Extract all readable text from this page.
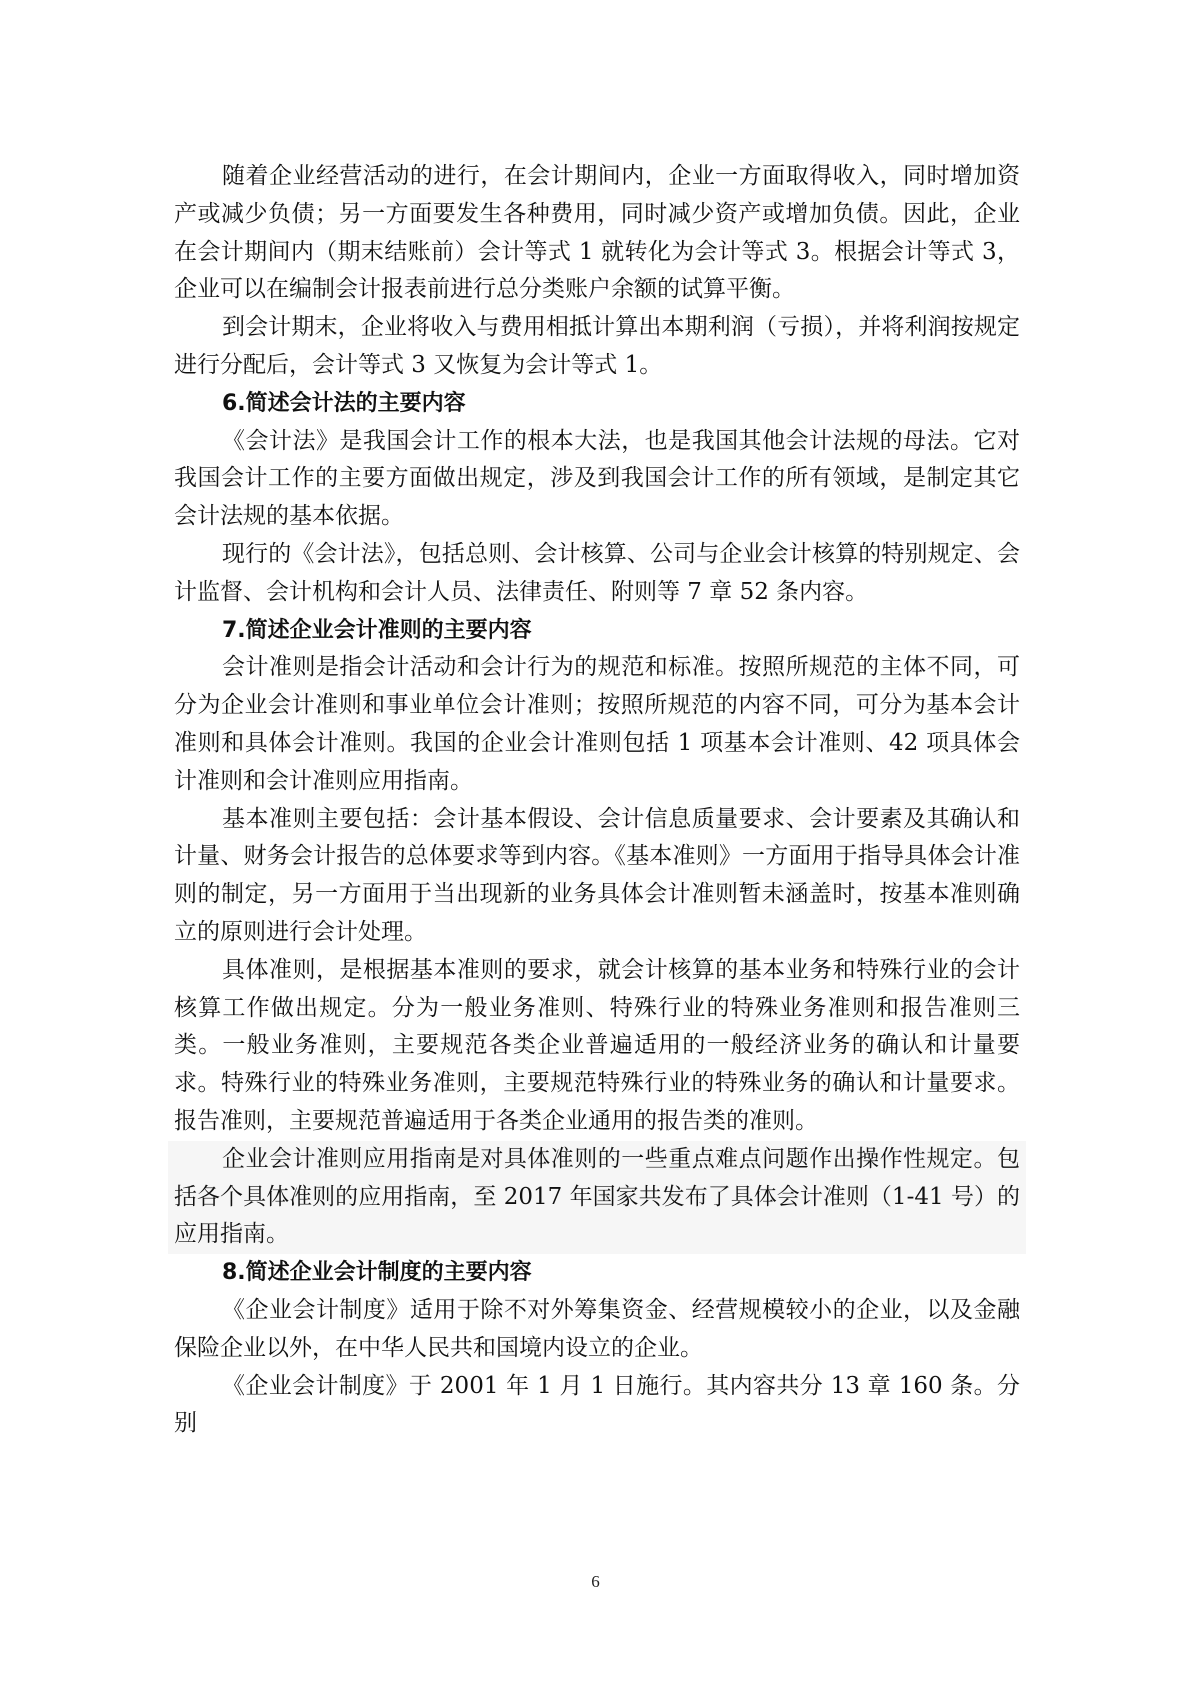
随着企业经营活动的进行，在会计期间内，企业一方面取得收入，同时增加资产或减少负债；另一方面要发生各种费用，同时减少资产或增加负债。因此，企业在会计期间内（期末结账前）会计等式 1 就转化为会计等式 3。根据会计等式 3，企业可以在编制会计报表前进行总分类账户余额的试算平衡。

到会计期末，企业将收入与费用相抵计算出本期利润（亏损），并将利润按规定进行分配后，会计等式 3 又恢复为会计等式 1。

6.简述会计法的主要内容

《会计法》是我国会计工作的根本大法，也是我国其他会计法规的母法。它对我国会计工作的主要方面做出规定，涉及到我国会计工作的所有领域，是制定其它会计法规的基本依据。

现行的《会计法》，包括总则、会计核算、公司与企业会计核算的特别规定、会计监督、会计机构和会计人员、法律责任、附则等 7 章 52 条内容。

7.简述企业会计准则的主要内容

会计准则是指会计活动和会计行为的规范和标准。按照所规范的主体不同，可分为企业会计准则和事业单位会计准则；按照所规范的内容不同，可分为基本会计准则和具体会计准则。我国的企业会计准则包括 1 项基本会计准则、42 项具体会计准则和会计准则应用指南。

基本准则主要包括：会计基本假设、会计信息质量要求、会计要素及其确认和计量、财务会计报告的总体要求等到内容。《基本准则》一方面用于指导具体会计准则的制定，另一方面用于当出现新的业务具体会计准则暂未涵盖时，按基本准则确立的原则进行会计处理。

具体准则，是根据基本准则的要求，就会计核算的基本业务和特殊行业的会计核算工作做出规定。分为一般业务准则、特殊行业的特殊业务准则和报告准则三类。一般业务准则，主要规范各类企业普遍适用的一般经济业务的确认和计量要求。特殊行业的特殊业务准则，主要规范特殊行业的特殊业务的确认和计量要求。报告准则，主要规范普遍适用于各类企业通用的报告类的准则。

企业会计准则应用指南是对具体准则的一些重点难点问题作出操作性规定。包括各个具体准则的应用指南，至 2017 年国家共发布了具体会计准则（1-41 号）的应用指南。

8.简述企业会计制度的主要内容

《企业会计制度》适用于除不对外筹集资金、经营规模较小的企业，以及金融保险企业以外，在中华人民共和国境内设立的企业。

《企业会计制度》于 2001 年 1 月 1 日施行。其内容共分 13 章 160 条。分别

6
